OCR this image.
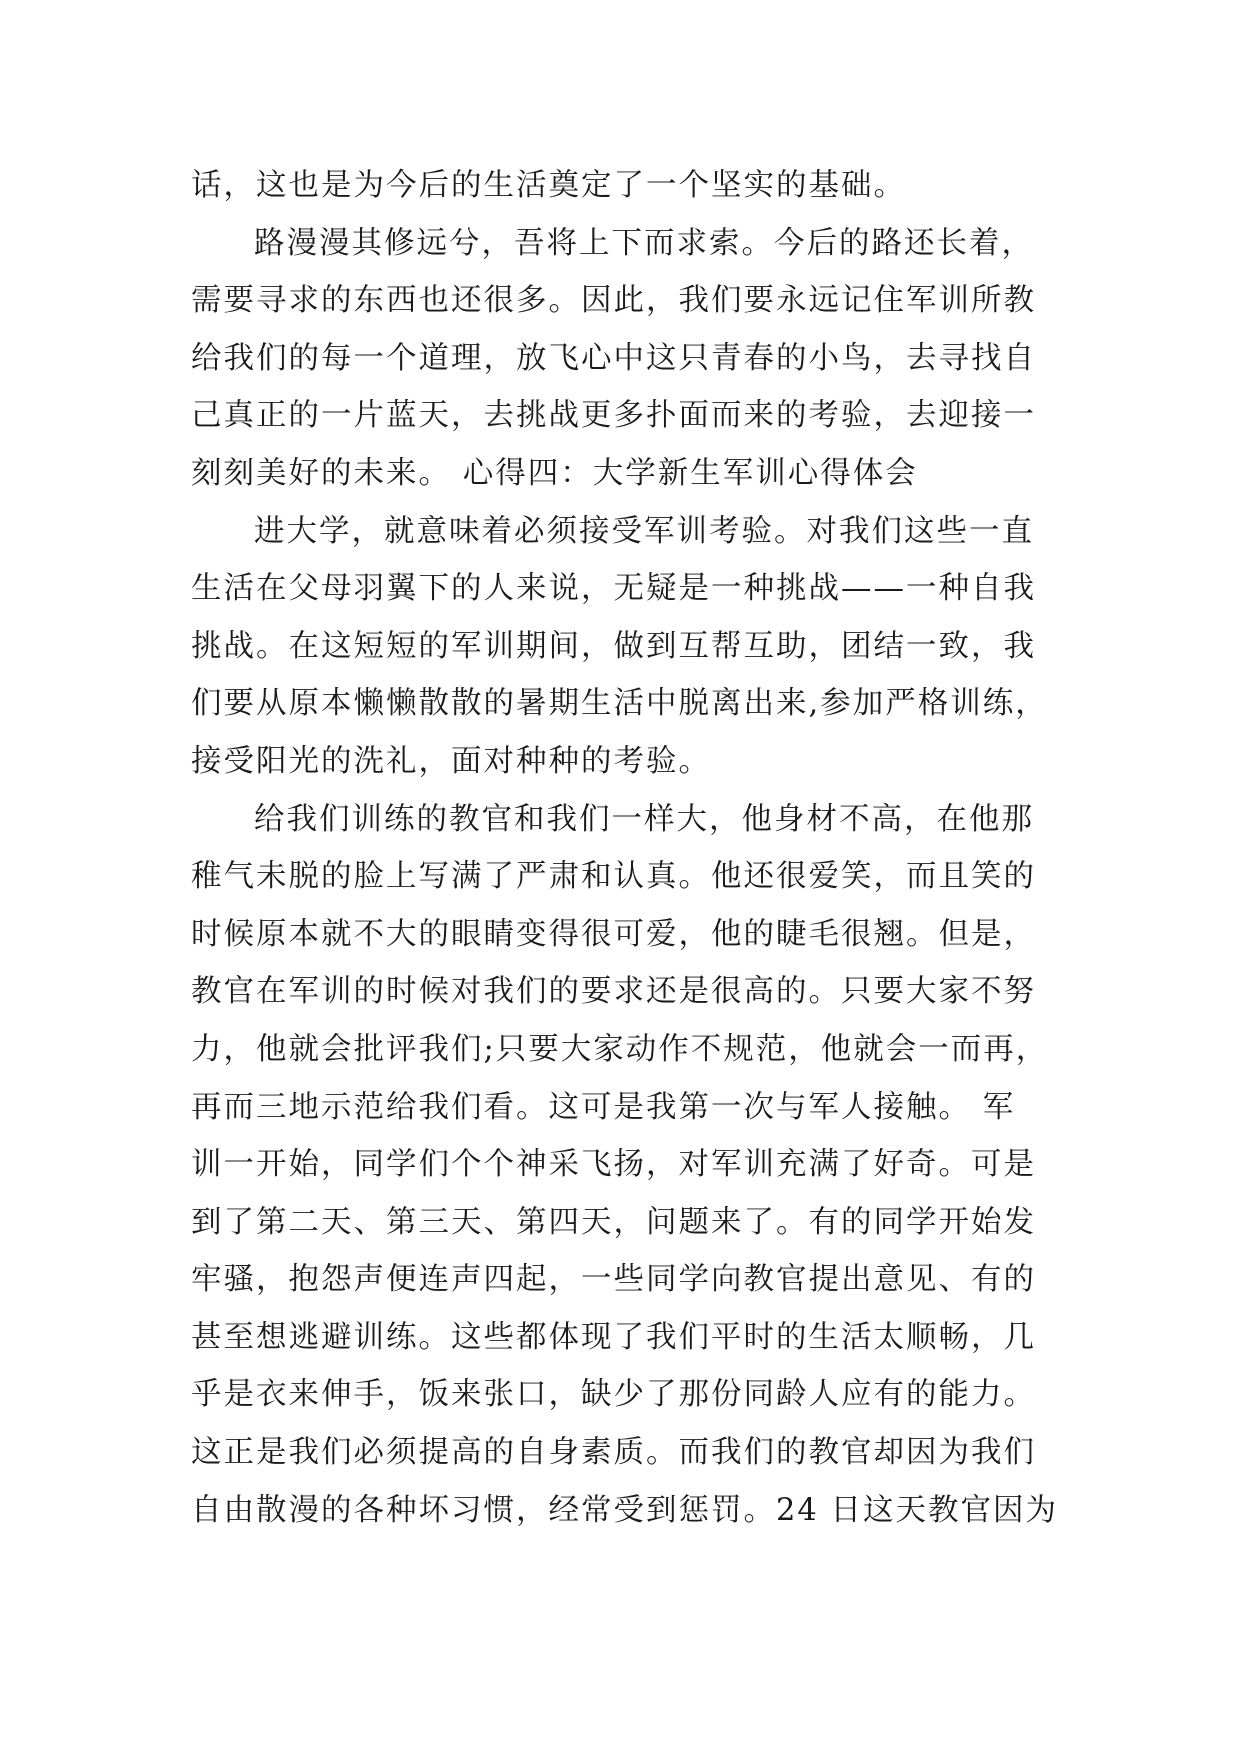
话，这也是为今后的生活奠定了一个坚实的基础。
路漫漫其修远兮，吾将上下而求索。今后的路还长着，
需要寻求的东西也还很多。因此，我们要永远记住军训所教
给我们的每一个道理，放飞心中这只青春的小鸟，去寻找自
己真正的一片蓝天，去挑战更多扑面而来的考验，去迎接一
刻刻美好的未来。 心得四：大学新生军训心得体会
进大学，就意味着必须接受军训考验。对我们这些一直
生活在父母羽翼下的人来说，无疑是一种挑战——一种自我
挑战。在这短短的军训期间，做到互帮互助，团结一致，我
们要从原本懒懒散散的暑期生活中脱离出来,参加严格训练，
接受阳光的洗礼，面对种种的考验。
给我们训练的教官和我们一样大，他身材不高，在他那
稚气未脱的脸上写满了严肃和认真。他还很爱笑，而且笑的
时候原本就不大的眼睛变得很可爱，他的睫毛很翘。但是，
教官在军训的时候对我们的要求还是很高的。只要大家不努
力，他就会批评我们;只要大家动作不规范，他就会一而再，
再而三地示范给我们看。这可是我第一次与军人接触。 军
训一开始，同学们个个神采飞扬，对军训充满了好奇。可是
到了第二天、第三天、第四天，问题来了。有的同学开始发
牢骚，抱怨声便连声四起，一些同学向教官提出意见、有的
甚至想逃避训练。这些都体现了我们平时的生活太顺畅，几
乎是衣来伸手，饭来张口，缺少了那份同龄人应有的能力。
这正是我们必须提高的自身素质。而我们的教官却因为我们
自由散漫的各种坏习惯，经常受到惩罚。24 日这天教官因为
